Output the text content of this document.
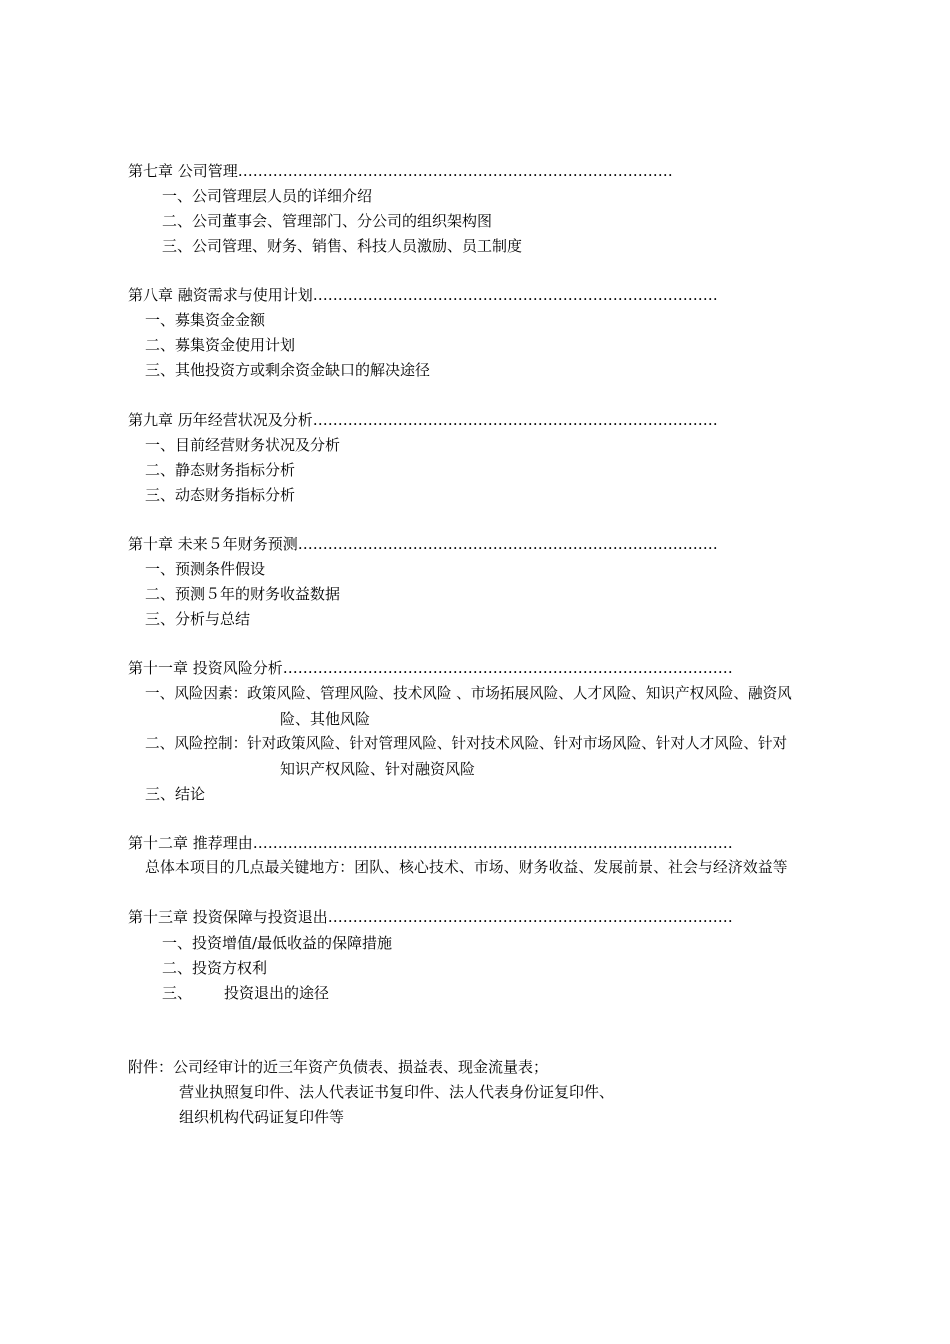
第七章 公司管理……………………………………………………………………………
一、公司管理层人员的详细介绍
二、公司董事会、管理部门、分公司的组织架构图
三、公司管理、财务、销售、科技人员激励、员工制度
第八章 融资需求与使用计划………………………………………………………………………
一、募集资金金额
二、募集资金使用计划
三、其他投资方或剩余资金缺口的解决途径
第九章 历年经营状况及分析………………………………………………………………………
一、目前经营财务状况及分析
二、静态财务指标分析
三、动态财务指标分析
第十章 未来５年财务预测…………………………………………………………………………
一、预测条件假设
二、预测５年的财务收益数据
三、分析与总结
第十一章 投资风险分析………………………………………………………………………………
一、风险因素：政策风险、管理风险、技术风险 、市场拓展风险、人才风险、知识产权风险、融资风
险、其他风险
二、风险控制：针对政策风险、针对管理风险、针对技术风险、针对市场风险、针对人才风险、针对
知识产权风险、针对融资风险
三、结论
第十二章 推荐理由……………………………………………………………………………………
总体本项目的几点最关键地方：团队、核心技术、市场、财务收益、发展前景、社会与经济效益等
第十三章 投资保障与投资退出………………………………………………………………………
一、投资增值/最低收益的保障措施
二、投资方权利
三、 投资退出的途径
附件：公司经审计的近三年资产负债表、损益表、现金流量表；
营业执照复印件、法人代表证书复印件、法人代表身份证复印件、
组织机构代码证复印件等
